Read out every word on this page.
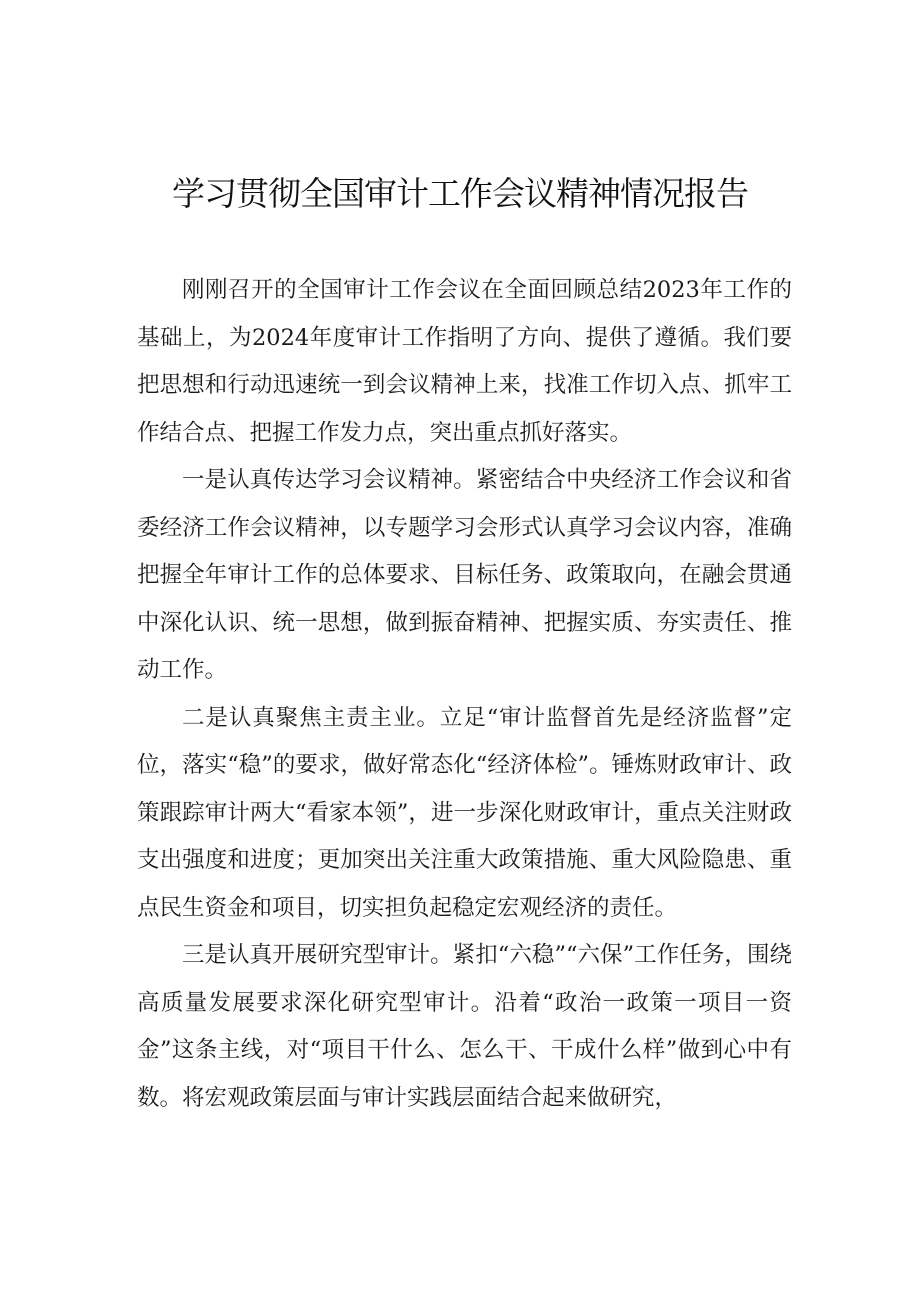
学习贯彻全国审计工作会议精神情况报告

刚刚召开的全国审计工作会议在全面回顾总结2023年工作的基础上，为2024年度审计工作指明了方向、提供了遵循。我们要把思想和行动迅速统一到会议精神上来，找准工作切入点、抓牢工作结合点、把握工作发力点，突出重点抓好落实。

一是认真传达学习会议精神。紧密结合中央经济工作会议和省委经济工作会议精神，以专题学习会形式认真学习会议内容，准确把握全年审计工作的总体要求、目标任务、政策取向，在融会贯通中深化认识、统一思想，做到振奋精神、把握实质、夯实责任、推动工作。

二是认真聚焦主责主业。立足“审计监督首先是经济监督”定位，落实“稳”的要求，做好常态化“经济体检”。锤炼财政审计、政策跟踪审计两大“看家本领”，进一步深化财政审计，重点关注财政支出强度和进度；更加突出关注重大政策措施、重大风险隐患、重点民生资金和项目，切实担负起稳定宏观经济的责任。

三是认真开展研究型审计。紧扣“六稳”“六保”工作任务，围绕高质量发展要求深化研究型审计。沿着“政治一政策一项目一资金”这条主线，对“项目干什么、怎么干、干成什么样”做到心中有数。将宏观政策层面与审计实践层面结合起来做研究，
